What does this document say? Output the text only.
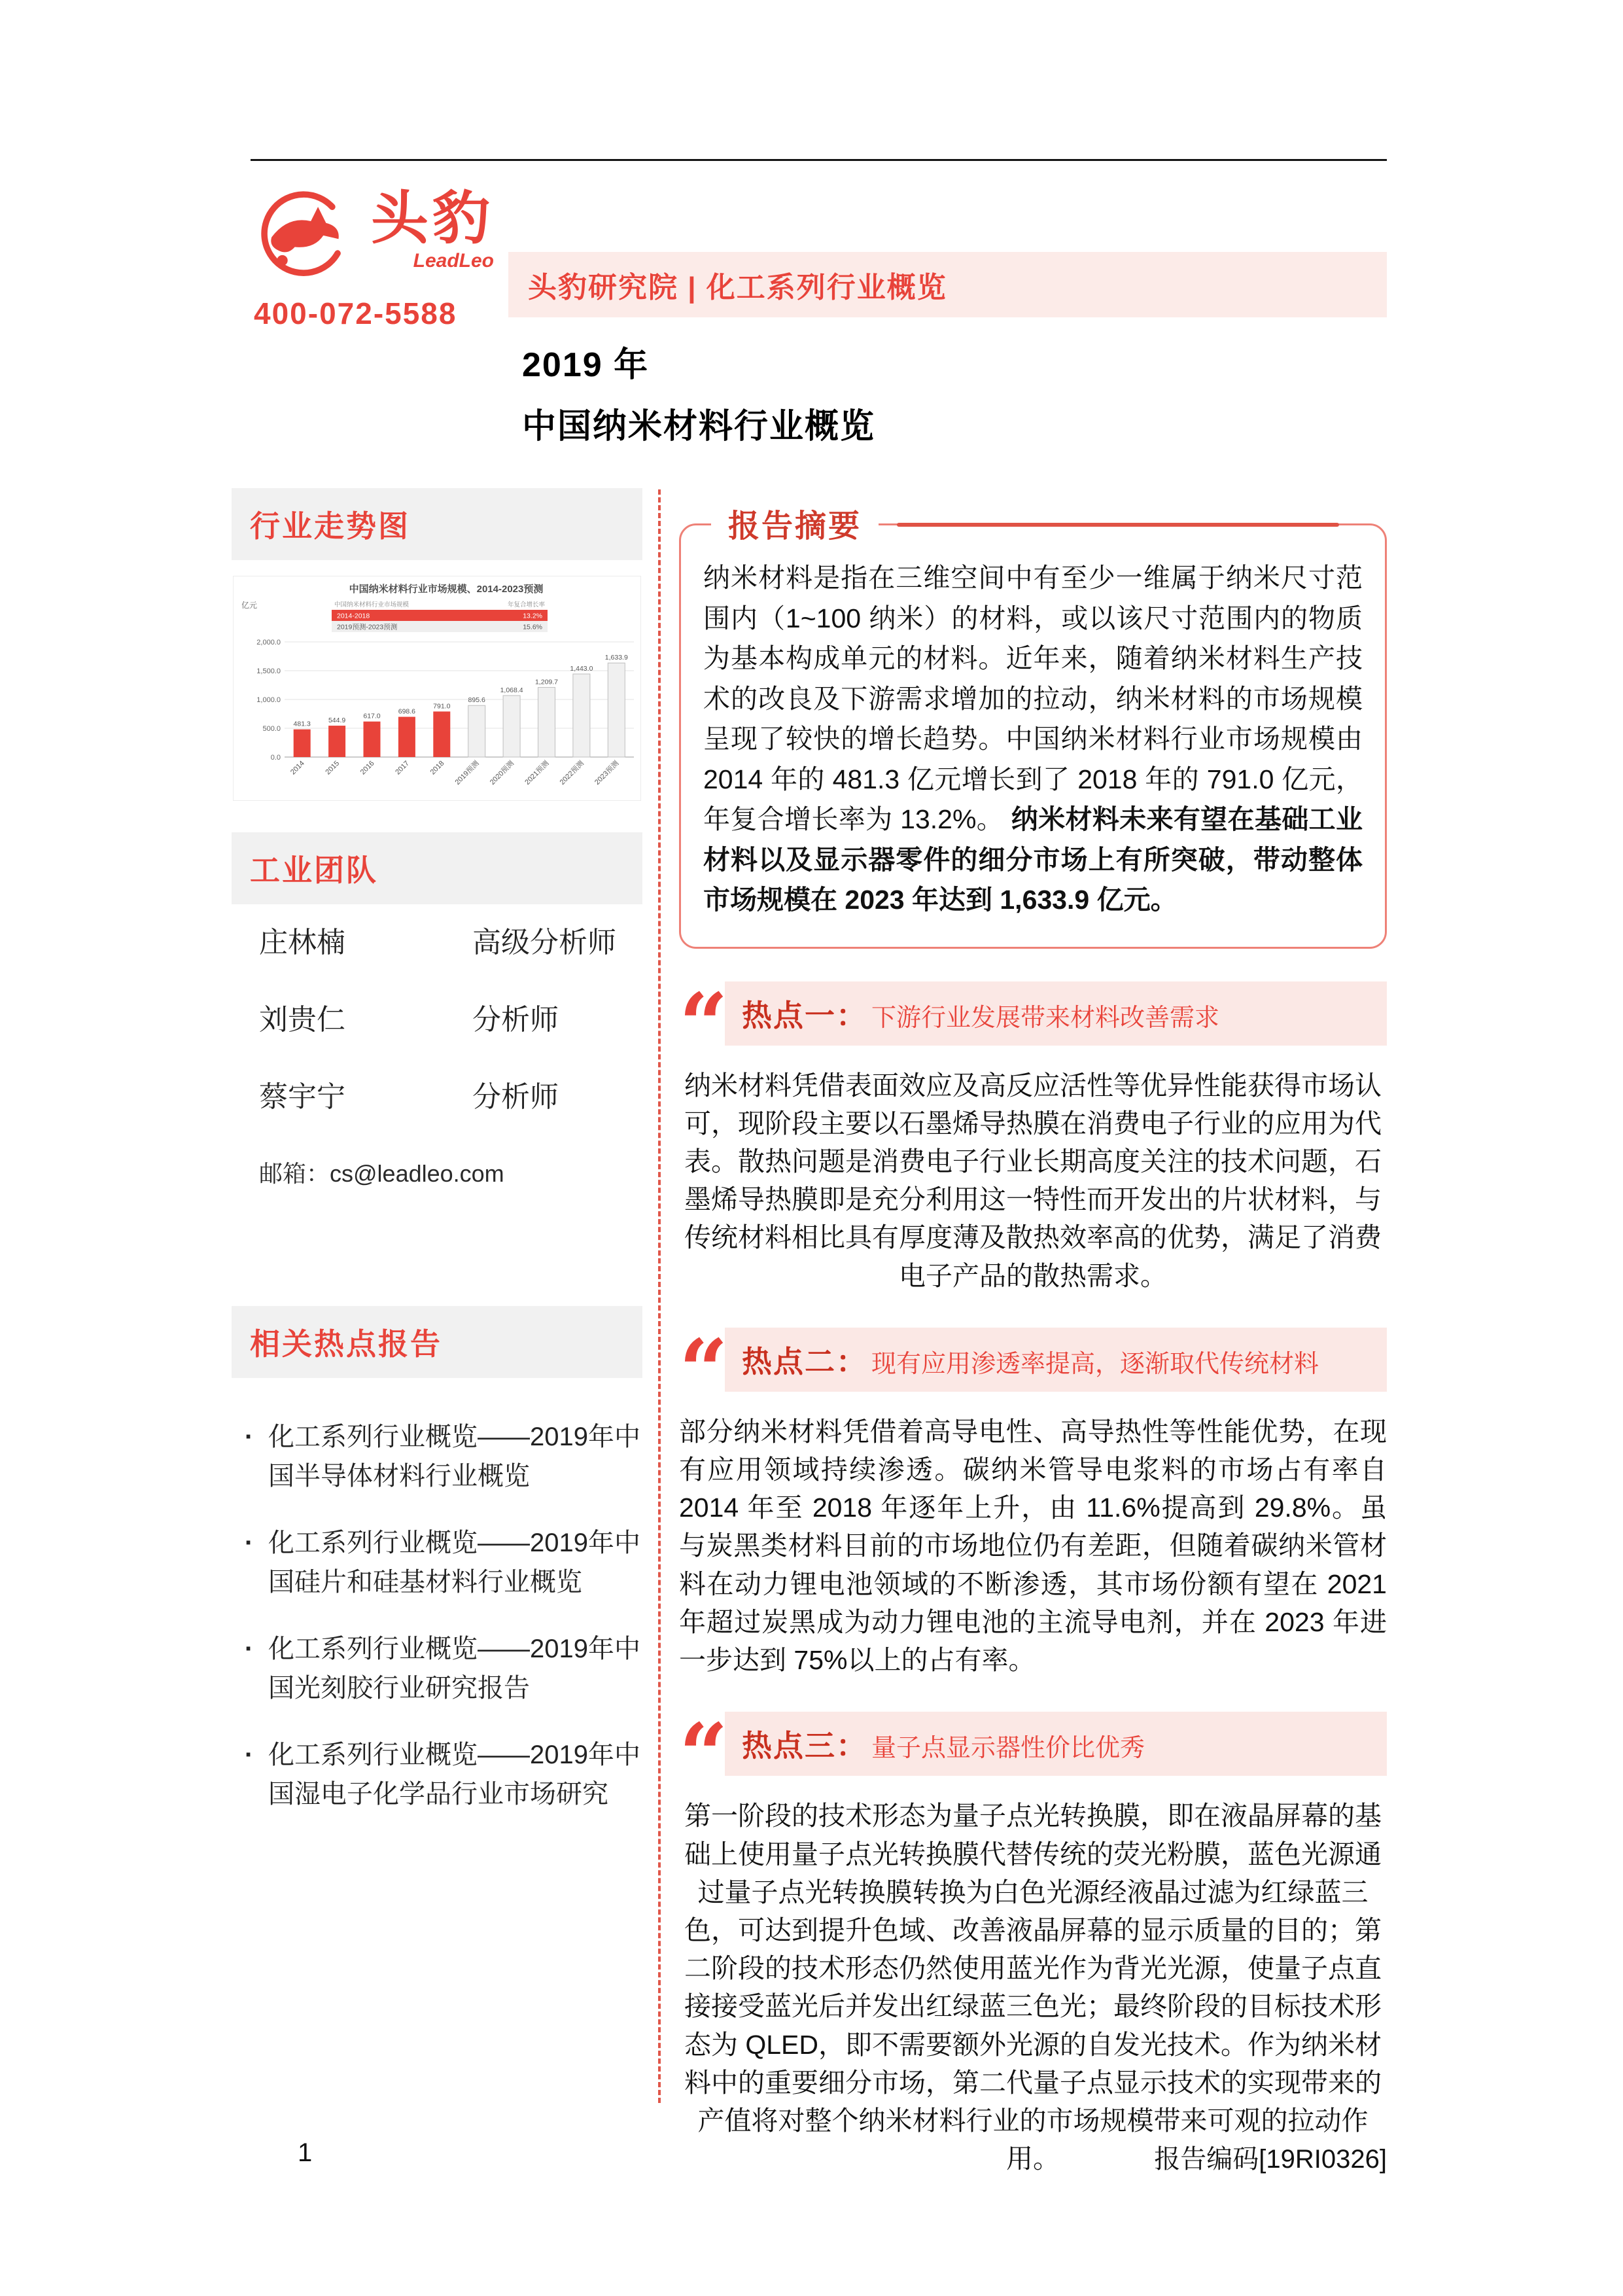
头豹
LeadLeo
400-072-5588
头豹研究院 | 化工系列行业概览
2019 年
中国纳米材料行业概览
行业走势图
中国纳米材料行业市场规模、2014-2023预测
亿元	中国纳米材料行业市场规模	年复合增长率
2014-2018	13.2%
2019预测-2023预测	15.6%
0.0
500.0
1,000.0
1,500.0
2,000.0
481.3
2014
544.9
2015
617.0
2016
698.6
2017
791.0
2018
895.6
2019预测
1,068.4
2020预测
1,209.7
2021预测
1,443.0
2022预测
1,633.9
2023预测
工业团队
庄林楠	高级分析师
刘贵仁	分析师
蔡宇宁	分析师
邮箱：cs@leadleo.com
相关热点报告
· 化工系列行业概览——2019年中国半导体材料行业概览
· 化工系列行业概览——2019年中国硅片和硅基材料行业概览
· 化工系列行业概览——2019年中国光刻胶行业研究报告
· 化工系列行业概览——2019年中国湿电子化学品行业市场研究
报告摘要

纳米材料是指在三维空间中有至少一维属于纳米尺寸范围内（1~100 纳米）的材料，或以该尺寸范围内的物质为基本构成单元的材料。近年来，随着纳米材料生产技术的改良及下游需求增加的拉动，纳米材料的市场规模呈现了较快的增长趋势。中国纳米材料行业市场规模由 2014 年的 481.3 亿元增长到了 2018 年的 791.0 亿元，年复合增长率为 13.2%。 纳米材料未来有望在基础工业材料以及显示器零件的细分市场上有所突破，带动整体市场规模在 2023 年达到 1,633.9 亿元。

“
热点一： 下游行业发展带来材料改善需求

纳米材料凭借表面效应及高反应活性等优异性能获得市场认可，现阶段主要以石墨烯导热膜在消费电子行业的应用为代表。散热问题是消费电子行业长期高度关注的技术问题，石墨烯导热膜即是充分利用这一特性而开发出的片状材料，与传统材料相比具有厚度薄及散热效率高的优势，满足了消费电子产品的散热需求。

“
热点二： 现有应用渗透率提高，逐渐取代传统材料

部分纳米材料凭借着高导电性、高导热性等性能优势，在现有应用领域持续渗透。碳纳米管导电浆料的市场占有率自 2014 年至 2018 年逐年上升，由 11.6%提高到 29.8%。虽与炭黑类材料目前的市场地位仍有差距，但随着碳纳米管材料在动力锂电池领域的不断渗透，其市场份额有望在 2021 年超过炭黑成为动力锂电池的主流导电剂，并在 2023 年进一步达到 75%以上的占有率。

“
热点三： 量子点显示器性价比优秀

第一阶段的技术形态为量子点光转换膜，即在液晶屏幕的基础上使用量子点光转换膜代替传统的荧光粉膜，蓝色光源通过量子点光转换膜转换为白色光源经液晶过滤为红绿蓝三色，可达到提升色域、改善液晶屏幕的显示质量的目的；第二阶段的技术形态仍然使用蓝光作为背光光源，使量子点直接接受蓝光后并发出红绿蓝三色光；最终阶段的目标技术形态为 QLED，即不需要额外光源的自发光技术。作为纳米材料中的重要细分市场，第二代量子点显示技术的实现带来的产值将对整个纳米材料行业的市场规模带来可观的拉动作用。

1	报告编码[19RI0326]
